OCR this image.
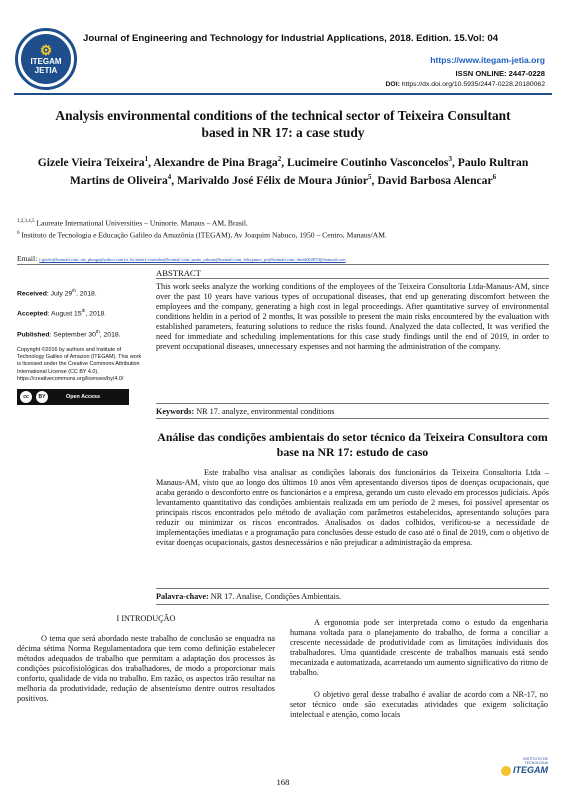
⚙
ITEGAM
JETIA
Journal of Engineering and Technology for Industrial Applications, 2018. Edition. 15.Vol: 04
https://www.itegam-jetia.org
ISSN ONLINE: 2447-0228
DOI: https://dx.doi.org/10.5935/2447-0228.20180062
Analysis environmental conditions of the technical sector of Teixeira Consultant based in NR 17: a case study
Gizele Vieira Teixeira$^1$, Alexandre de Pina Braga$^2$, Lucimeire Coutinho Vasconcelos$^3$, Paulo Rultran Martins de Oliveira$^4$, Marivaldo José Félix de Moura Júnior$^5$, David Barbosa Alencar$^6$
$^{1,2,3,4,5}$ Laureate International Universities – Uninorte. Manaus – AM, Brasil.
$^6$ Instituto de Tecnologia e Educação Galileo da Amazônia (ITEGAM), Av Joaquim Nabuco, 1950 – Centro, Manaus/AM.
Email: t-gizele@hotmail.com, ale_pbraga@yahoo.com.br, lucimeire.coutinho@hotmail.com, paulo_rultran@hotmail.com, felixjunior_pe@hotmail.com, david002870@hotmail.com
Received: July 29th, 2018.
Accepted: August 15th, 2018.
Published: September 30th, 2018.
Copyright ©2016 by authors and Institute of Technology Galileo of Amazon (ITEGAM). This work is licensed under the Creative Commons Attribution International License (CC BY 4.0). https://creativecommons.org/licenses/by/4.0/
cc	BY	Open Access
ABSTRACT
This work seeks analyze the working conditions of the employees of the Teixeira Consultoria Ltda-Manaus-AM, since over the past 10 years have various types of occupational diseases, that end up generating discomfort between the employees and the company, generating a high cost in legal proceedings. After quantitative survey of environmental conditions heldin in a period of 2 months, It was possible to present the main risks encountered by the evaluation with established parameters, featuring solutions to reduce the risks found. Analyzed the data collected, It was verified the need for immediate and scheduling implementations for this case study findings until the end of 2019, in order to prevent occupational diseases, unnecessary expenses and not harming the administration of the company.
Keywords: NR 17. analyze, environmental conditions
Análise das condições ambientais do setor técnico da Teixeira Consultora com base na NR 17: estudo de caso
Este trabalho visa analisar as condições laborais dos funcionários da Teixeira Consultoria Ltda – Manaus-AM, visto que ao longo dos últimos 10 anos vêm apresentando diversos tipos de doenças ocupacionais, que acaba gerando o desconforto entre os funcionários e a empresa, gerando um custo elevado em processos judiciais. Após levantamento quantitativo das condições ambientais realizada em um período de 2 meses, foi possível apresentar os principais riscos encontrados pelo método de avaliação com parâmetros estabelecidos, apresentando soluções para reduzir ou minimizar os riscos encontrados. Analisados os dados colhidos, verificou-se a necessidade de implementações imediatas e a programação para conclusões desse estudo de caso até o final de 2019, com o objetivo de evitar doenças ocupacionais, gastos desnecessários e não prejudicar a administração da empresa.
Palavra-chave: NR 17. Analise, Condições Ambientais.
I INTRODUÇÃO
O tema que será abordado neste trabalho de conclusão se enquadra na décima sétima Norma Regulamentadora que tem como definição estabelecer métodos adequados de trabalho que permitam a adaptação dos processos às condições psicofisiológicas dos trabalhadores, de modo a proporcionar mais conforto, qualidade de vida no trabalho. Em razão, os aspectos irão resultar na melhoria da produtividade, redução de absenteísmo dentre outros resultados positivos.
A ergonomia pode ser interpretada como o estudo da engenharia humana voltada para o planejamento do trabalho, de forma a conciliar a crescente necessidade de produtividade com as limitações individuais dos trabalhadores. Uma quantidade crescente de trabalhos manuais está sendo mecanizada e automatizada, acarretando um aumento significativo do ritmo de trabalho.
O objetivo geral desse trabalho é avaliar de acordo com a NR-17, no setor técnico onde são executadas atividades que exigem solicitação intelectual e atenção, como locais
168
INSTITUTO DE TECNOLOGIA
ITEGAM
